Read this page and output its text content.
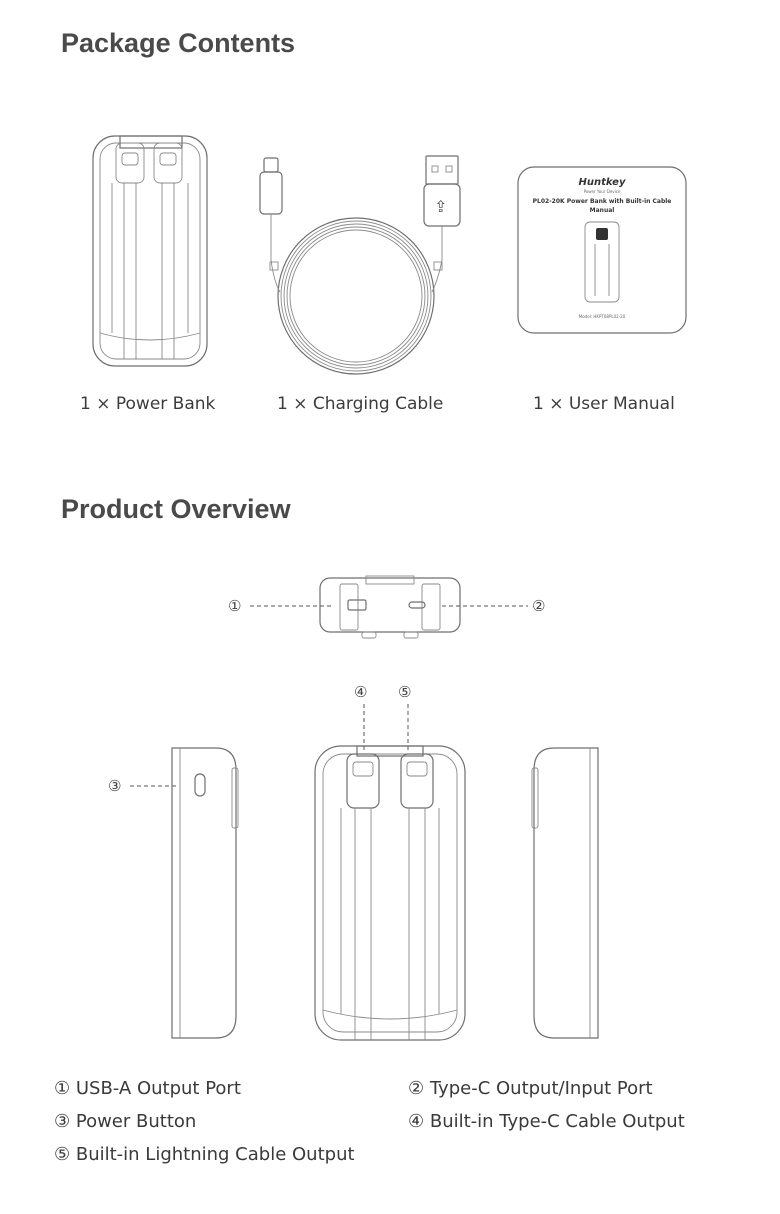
Package Contents
⇪
Huntkey
Power Your Device
PL02-20K Power Bank with Built-in Cable
Manual
Model: HKPT08PL02-20
1 × Power Bank	1 × Charging Cable	1 × User Manual
Product Overview
①	②
④ ⑤
③
① USB-A Output Port	② Type-C Output/Input Port
③ Power Button	④ Built-in Type-C Cable Output
⑤ Built-in Lightning Cable Output
